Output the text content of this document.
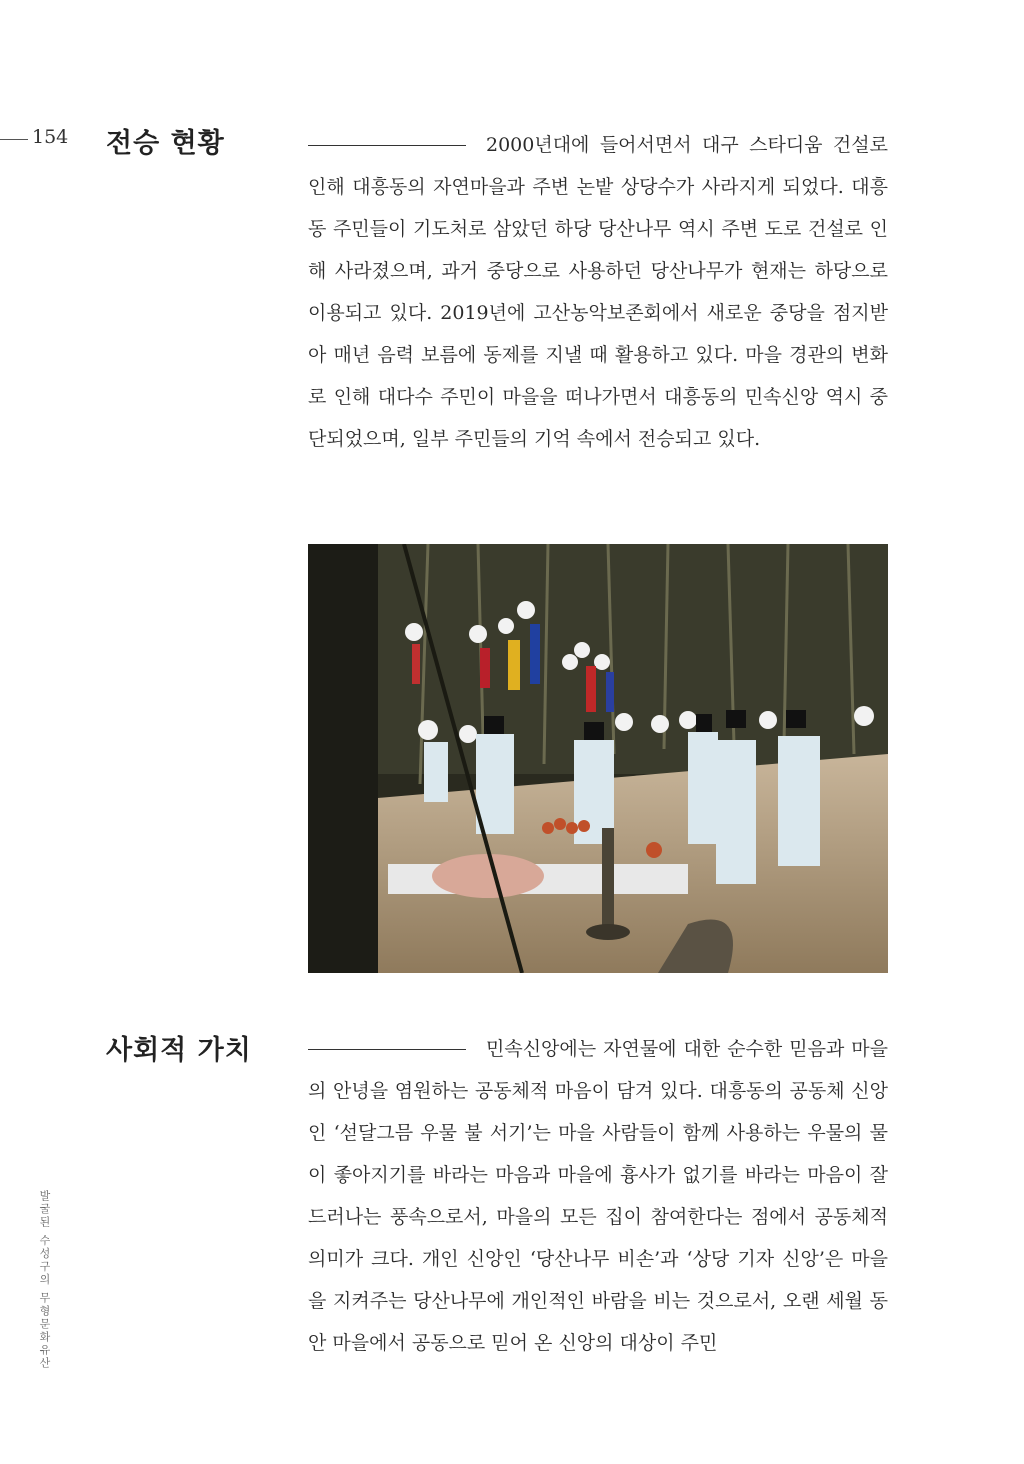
154 전승 현황	2000년대에 들어서면서 대구 스타디움 건설로 인해 대흥동의 자연마을과 주변 논밭 상당수가 사라지게 되었다. 대흥동 주민들이 기도처로 삼았던 하당 당산나무 역시 주변 도로 건설로 인해 사라졌으며, 과거 중당으로 사용하던 당산나무가 현재는 하당으로 이용되고 있다. 2019년에 고산농악보존회에서 새로운 중당을 점지받아 매년 음력 보름에 동제를 지낼 때 활용하고 있다. 마을 경관의 변화로 인해 대다수 주민이 마을을 떠나가면서 대흥동의 민속신앙 역시 중단되었으며, 일부 주민들의 기억 속에서 전승되고 있다.
사회적 가치	민속신앙에는 자연물에 대한 순수한 믿음과 마을의 안녕을 염원하는 공동체적 마음이 담겨 있다. 대흥동의 공동체 신앙인 ‘섣달그믐 우물 불 서기’는 마을 사람들이 함께 사용하는 우물의 물이 좋아지기를 바라는 마음과 마을에 흉사가 없기를 바라는 마음이 잘 드러나는 풍속으로서, 마을의 모든 집이 참여한다는 점에서 공동체적 의미가 크다. 개인 신앙인 ‘당산나무 비손’과 ‘상당 기자 신앙’은 마을을 지켜주는 당산나무에 개인적인 바람을 비는 것으로서, 오랜 세월 동안 마을에서 공동으로 믿어 온 신앙의 대상이 주민
발굴된 수성구의 무형문화유산
